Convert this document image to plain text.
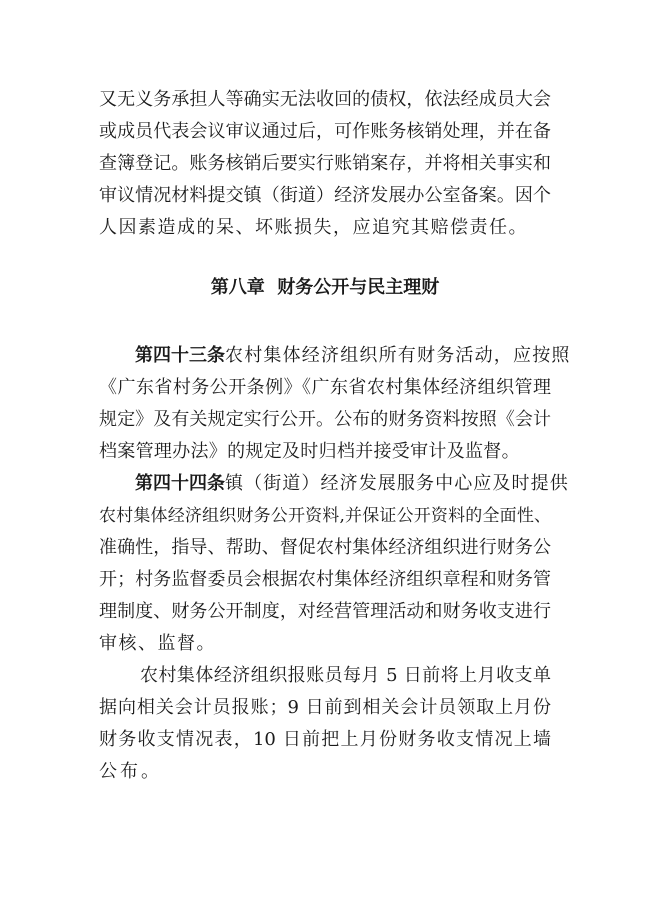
又无义务承担人等确实无法收回的债权，依法经成员大会
或成员代表会议审议通过后，可作账务核销处理，并在备
查簿登记。账务核销后要实行账销案存，并将相关事实和
审议情况材料提交镇（街道）经济发展办公室备案。因个
人因素造成的呆、坏账损失，应追究其赔偿责任。
第八章  财务公开与民主理财
第四十三条 农村集体经济组织所有财务活动，应按照
《广东省村务公开条例》《广东省农村集体经济组织管理
规定》及有关规定实行公开。公布的财务资料按照《会计
档案管理办法》的规定及时归档并接受审计及监督。
第四十四条 镇（街道）经济发展服务中心应及时提供
农村集体经济组织财务公开资料,并保证公开资料的全面性、
准确性，指导、帮助、督促农村集体经济组织进行财务公
开；村务监督委员会根据农村集体经济组织章程和财务管
理制度、财务公开制度，对经营管理活动和财务收支进行
审核、监督。
农村集体经济组织报账员每月 5 日前将上月收支单
据向相关会计员报账；9 日前到相关会计员领取上月份
财务收支情况表，10 日前把上月份财务收支情况上墙
公布。
